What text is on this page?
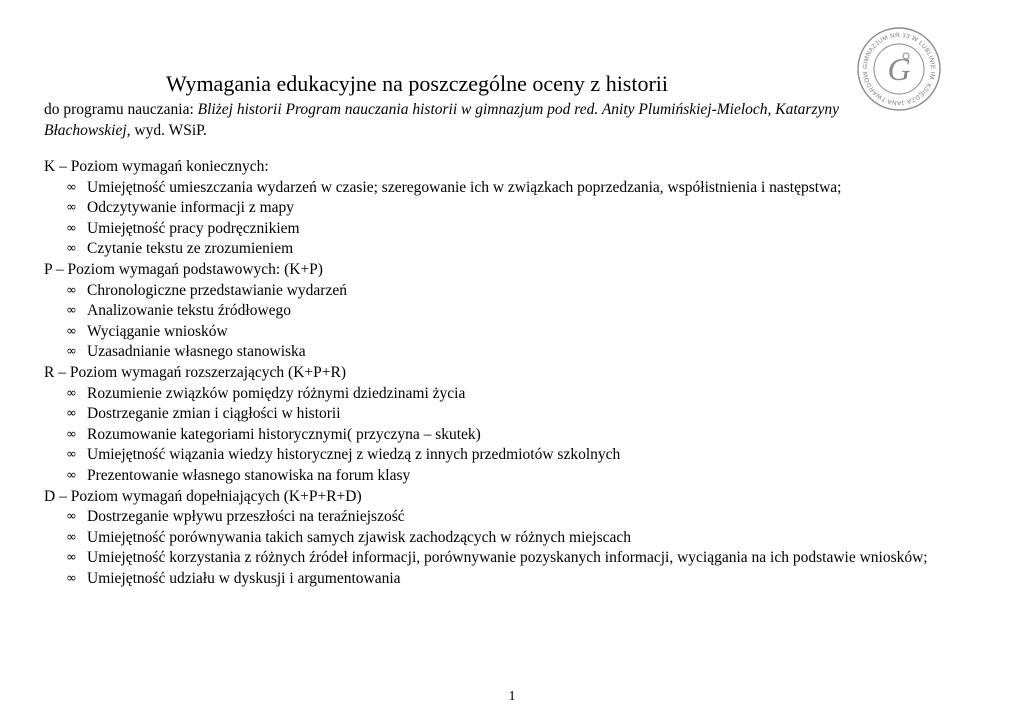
GIMNAZJUM NR 33 W LUBLINIE IM. KSIĘDZA JANA TWARDOW G
Wymagania edukacyjne na poszczególne oceny z historii
do programu nauczania: Bliżej historii Program nauczania historii w gimnazjum pod red. Anity Plumińskiej-Mieloch, Katarzyny Błachowskiej, wyd. WSiP.
K – Poziom wymagań koniecznych:
∞ Umiejętność umieszczania wydarzeń w czasie; szeregowanie ich w związkach poprzedzania, współistnienia i następstwa;
∞ Odczytywanie informacji z mapy
∞ Umiejętność pracy podręcznikiem
∞ Czytanie tekstu ze zrozumieniem
P – Poziom wymagań podstawowych: (K+P)
∞ Chronologiczne przedstawianie wydarzeń
∞ Analizowanie tekstu źródłowego
∞ Wyciąganie wniosków
∞ Uzasadnianie własnego stanowiska
R – Poziom wymagań rozszerzających (K+P+R)
∞ Rozumienie związków pomiędzy różnymi dziedzinami życia
∞ Dostrzeganie zmian i ciągłości w historii
∞ Rozumowanie kategoriami historycznymi( przyczyna – skutek)
∞ Umiejętność wiązania wiedzy historycznej z wiedzą z innych przedmiotów szkolnych
∞ Prezentowanie własnego stanowiska na forum klasy
D – Poziom wymagań dopełniających (K+P+R+D)
∞ Dostrzeganie wpływu przeszłości na teraźniejszość
∞ Umiejętność porównywania takich samych zjawisk zachodzących w różnych miejscach
∞ Umiejętność korzystania z różnych źródeł informacji, porównywanie pozyskanych informacji, wyciągania na ich podstawie wniosków;
∞ Umiejętność udziału w dyskusji i argumentowania
1
